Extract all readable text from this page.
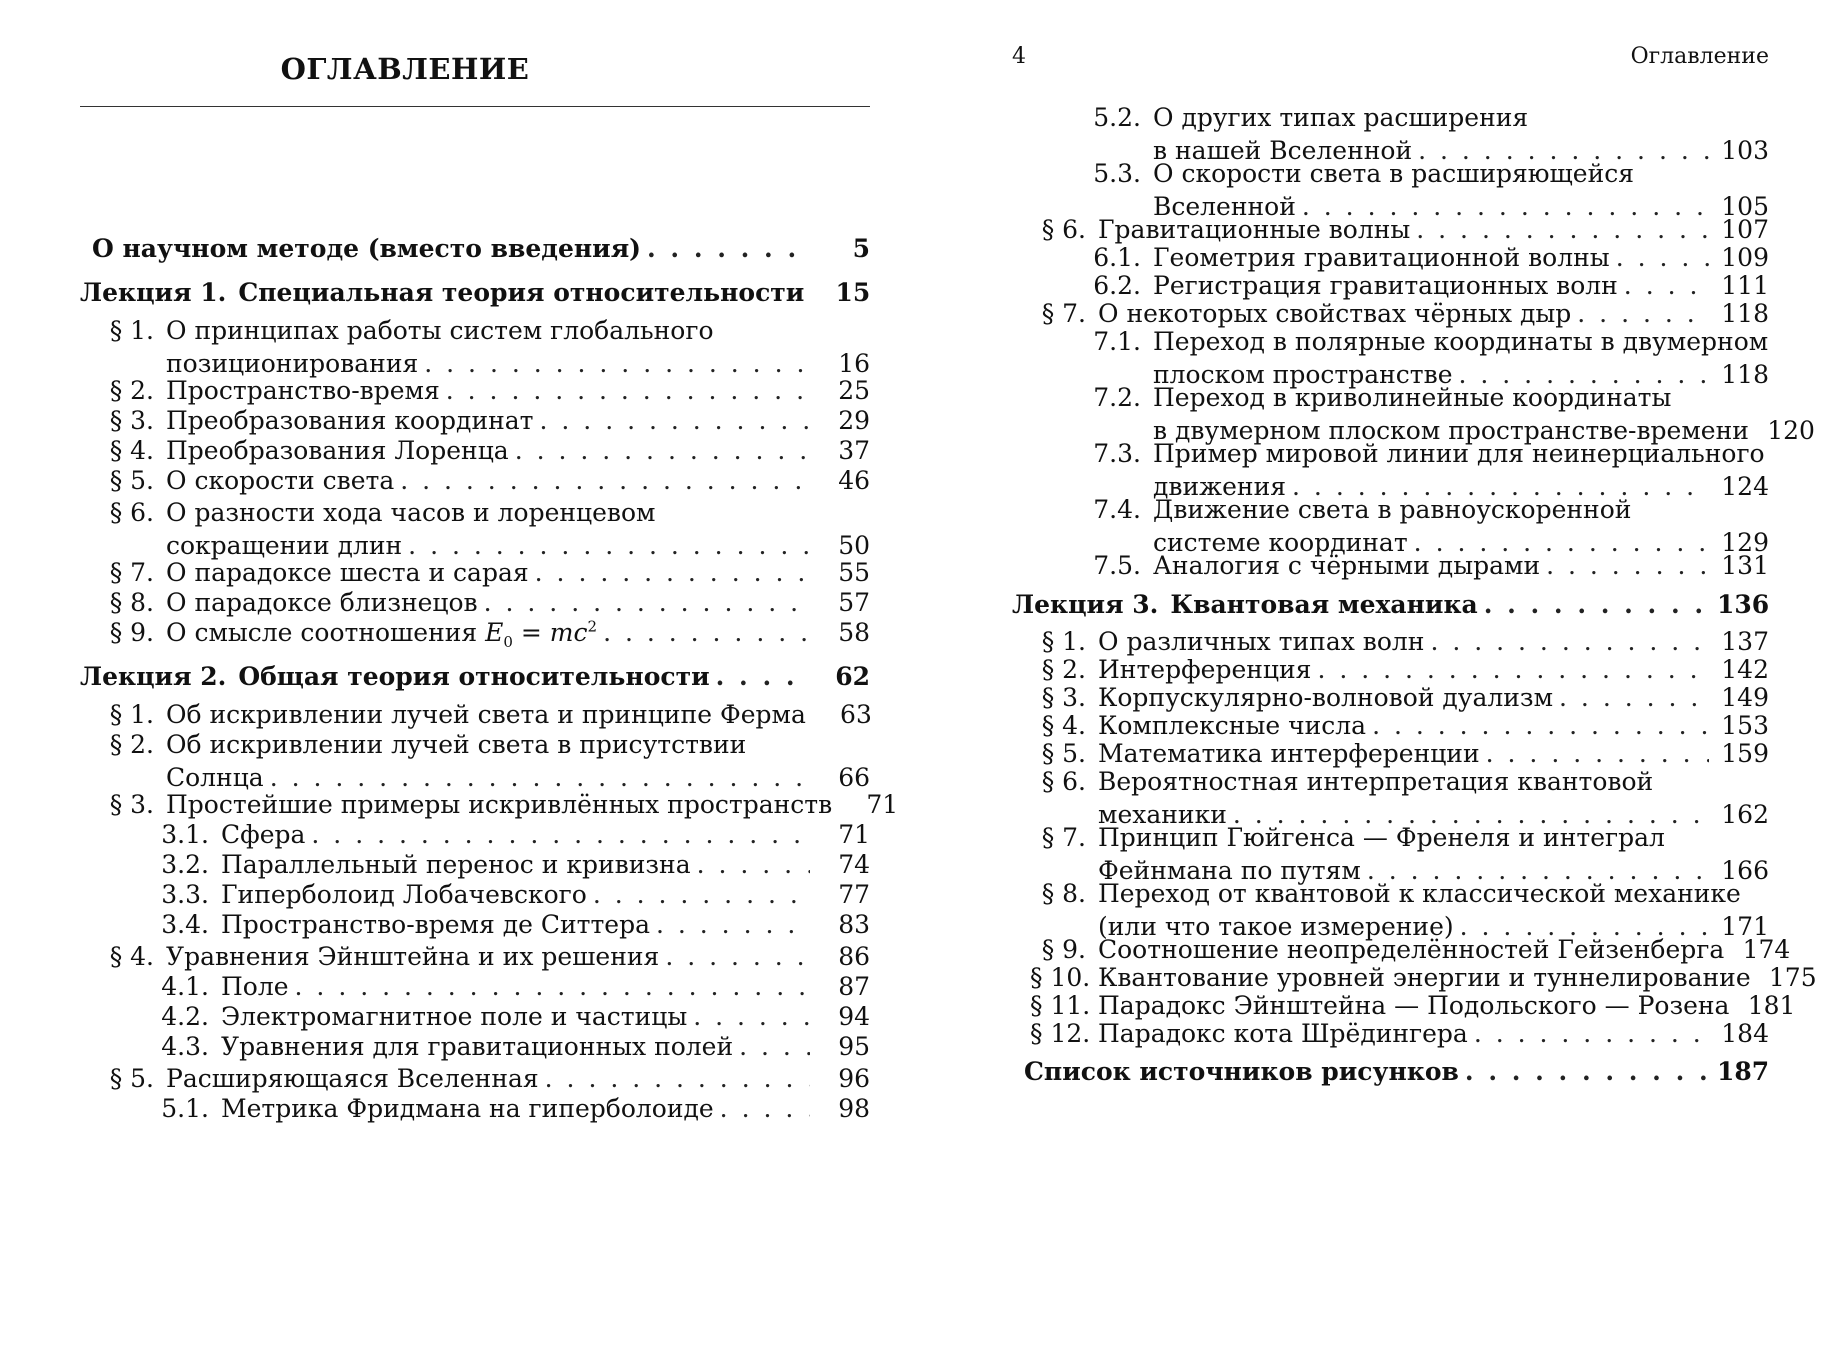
ОГЛАВЛЕНИЕ
О научном методе (вместо введения) . . .	5
Лекция 1. Специальная теория относительности	15
§ 1. О принципах работы систем глобального
позиционирования . . .	16
§ 2. Пространство-время . . .	25
§ 3. Преобразования координат . . .	29
§ 4. Преобразования Лоренца . . .	37
§ 5. О скорости света . . .	46
§ 6. О разности хода часов и лоренцевом
сокращении длин . . .	50
§ 7. О парадоксе шеста и сарая . . .	55
§ 8. О парадоксе близнецов . . .	57
§ 9. О смысле соотношения $E_0 = mc^2$ . . .	58
Лекция 2. Общая теория относительности . . .	62
§ 1. Об искривлении лучей света и принципе Ферма	63
§ 2. Об искривлении лучей света в присутствии
Солнца . . .	66
§ 3. Простейшие примеры искривлённых пространств	71
3.1. Сфера . . .	71
3.2. Параллельный перенос и кривизна . . .	74
3.3. Гиперболоид Лобачевского . . .	77
3.4. Пространство-время де Ситтера . . .	83
§ 4. Уравнения Эйнштейна и их решения . . .	86
4.1. Поле . . .	87
4.2. Электромагнитное поле и частицы . . .	94
4.3. Уравнения для гравитационных полей . . .	95
§ 5. Расширяющаяся Вселенная . . .	96
5.1. Метрика Фридмана на гиперболоиде . . .	98
4	Оглавление
5.2. О других типах расширения
в нашей Вселенной . . .	103
5.3. О скорости света в расширяющейся
Вселенной . . .	105
§ 6. Гравитационные волны . . .	107
6.1. Геометрия гравитационной волны . . .	109
6.2. Регистрация гравитационных волн . . .	111
§ 7. О некоторых свойствах чёрных дыр . . .	118
7.1. Переход в полярные координаты в двумерном
плоском пространстве . . .	118
7.2. Переход в криволинейные координаты
в двумерном плоском пространстве-времени 120
7.3. Пример мировой линии для неинерциального
движения . . .	124
7.4. Движение света в равноускоренной
системе координат . . .	129
7.5. Аналогия с чёрными дырами . . .	131
Лекция 3. Квантовая механика . . .	136
§ 1. О различных типах волн . . .	137
§ 2. Интерференция . . .	142
§ 3. Корпускулярно-волновой дуализм . . .	149
§ 4. Комплексные числа . . .	153
§ 5. Математика интерференции . . .	159
§ 6. Вероятностная интерпретация квантовой
механики . . .	162
§ 7. Принцип Гюйгенса — Френеля и интеграл
Фейнмана по путям . . .	166
§ 8. Переход от квантовой к классической механике
(или что такое измерение) . . .	171
§ 9. Соотношение неопределённостей Гейзенберга 174
§ 10. Квантование уровней энергии и туннелирование 175
§ 11. Парадокс Эйнштейна — Подольского — Розена 181
§ 12. Парадокс кота Шрёдингера . . .	184
Список источников рисунков . . .	187
